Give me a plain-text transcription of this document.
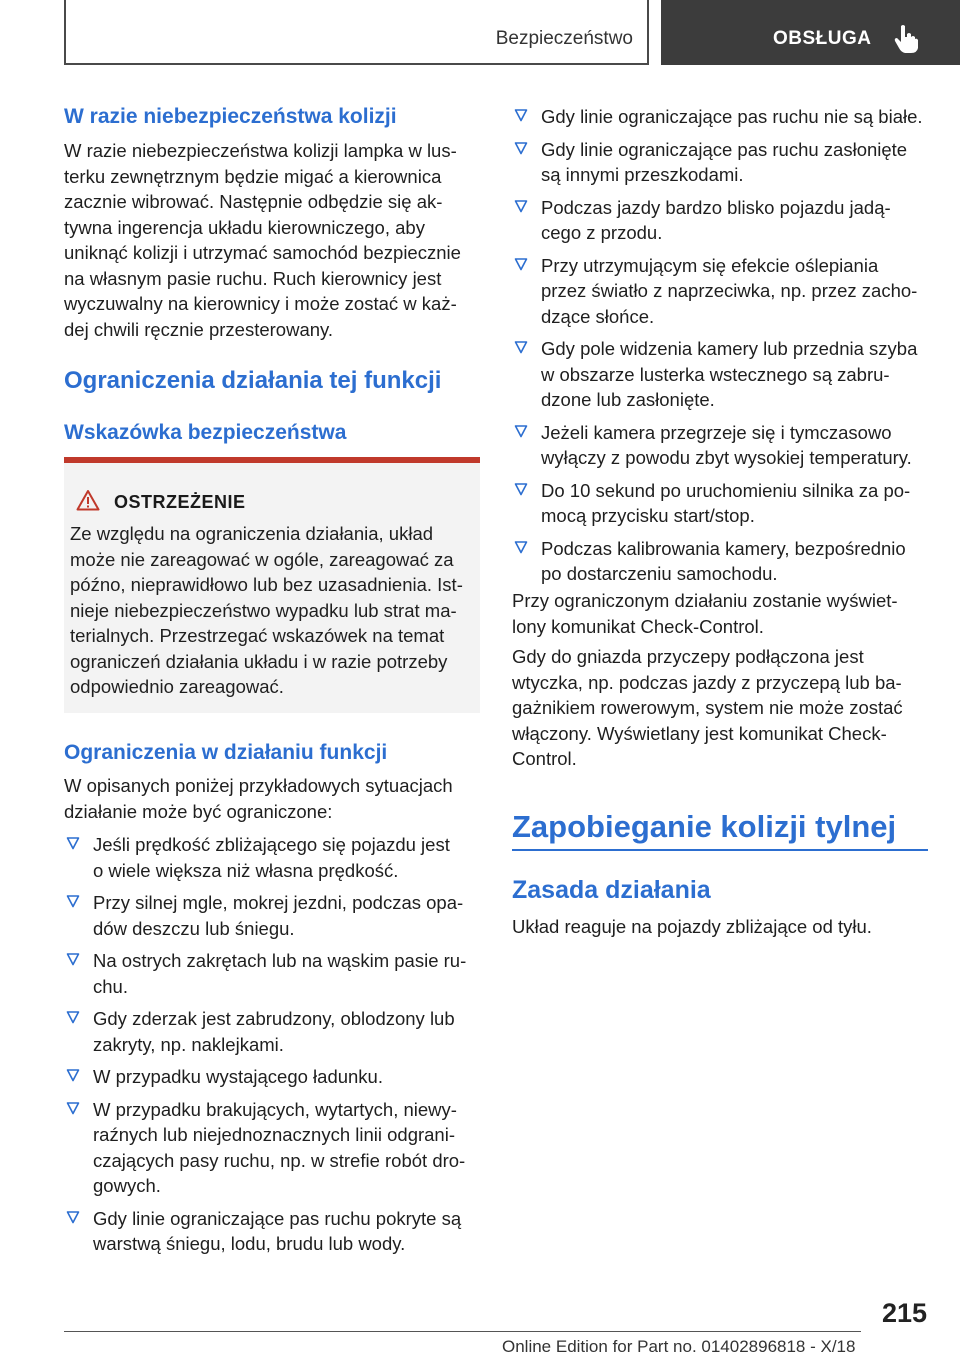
Bezpieczeństwo	OBSŁUGA
W razie niebezpieczeństwa kolizji
W razie niebezpieczeństwa kolizji lampka w lus-
terku zewnętrznym będzie migać a kierownica
zacznie wibrować. Następnie odbędzie się ak-
tywna ingerencja układu kierowniczego, aby
uniknąć kolizji i utrzymać samochód bezpiecznie
na własnym pasie ruchu. Ruch kierownicy jest
wyczuwalny na kierownicy i może zostać w każ-
dej chwili ręcznie przesterowany.
Ograniczenia działania tej funkcji
Wskazówka bezpieczeństwa
OSTRZEŻENIE
Ze względu na ograniczenia działania, układ
może nie zareagować w ogóle, zareagować za
późno, nieprawidłowo lub bez uzasadnienia. Ist-
nieje niebezpieczeństwo wypadku lub strat ma-
terialnych. Przestrzegać wskazówek na temat
ograniczeń działania układu i w razie potrzeby
odpowiednio zareagować.
Ograniczenia w działaniu funkcji
W opisanych poniżej przykładowych sytuacjach
działanie może być ograniczone:
Jeśli prędkość zbliżającego się pojazdu jest
o wiele większa niż własna prędkość.
Przy silnej mgle, mokrej jezdni, podczas opa-
dów deszczu lub śniegu.
Na ostrych zakrętach lub na wąskim pasie ru-
chu.
Gdy zderzak jest zabrudzony, oblodzony lub
zakryty, np. naklejkami.
W przypadku wystającego ładunku.
W przypadku brakujących, wytartych, niewy-
raźnych lub niejednoznacznych linii odgrani-
czających pasy ruchu, np. w strefie robót dro-
gowych.
Gdy linie ograniczające pas ruchu pokryte są
warstwą śniegu, lodu, brudu lub wody.
Gdy linie ograniczające pas ruchu nie są białe.
Gdy linie ograniczające pas ruchu zasłonięte
są innymi przeszkodami.
Podczas jazdy bardzo blisko pojazdu jadą-
cego z przodu.
Przy utrzymującym się efekcie oślepiania
przez światło z naprzeciwka, np. przez zacho-
dzące słońce.
Gdy pole widzenia kamery lub przednia szyba
w obszarze lusterka wstecznego są zabru-
dzone lub zasłonięte.
Jeżeli kamera przegrzeje się i tymczasowo
wyłączy z powodu zbyt wysokiej temperatury.
Do 10 sekund po uruchomieniu silnika za po-
mocą przycisku start/stop.
Podczas kalibrowania kamery, bezpośrednio
po dostarczeniu samochodu.
Przy ograniczonym działaniu zostanie wyświet-
lony komunikat Check-Control.
Gdy do gniazda przyczepy podłączona jest
wtyczka, np. podczas jazdy z przyczepą lub ba-
gażnikiem rowerowym, system nie może zostać
włączony. Wyświetlany jest komunikat Check-
Control.
Zapobieganie kolizji tylnej
Zasada działania
Układ reaguje na pojazdy zbliżające od tyłu.
215
Online Edition for Part no. 01402896818 - X/18
